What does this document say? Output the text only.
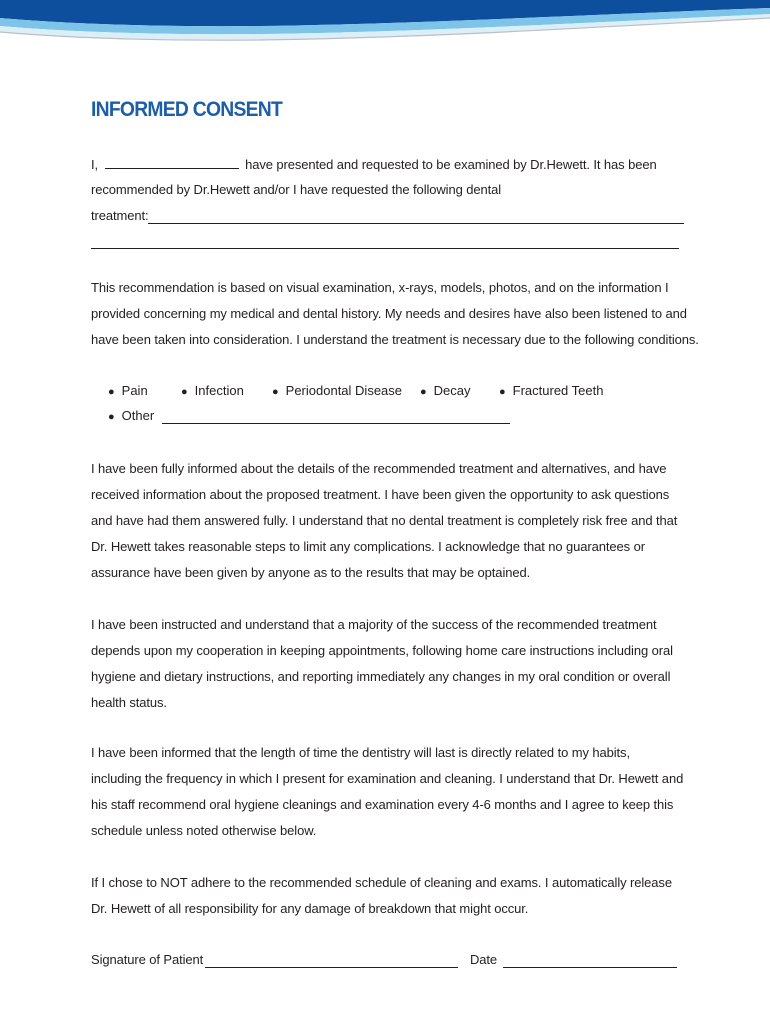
INFORMED CONSENT
I,	have presented and requested to be examined by Dr.Hewett. It has been
recommended by Dr.Hewett and/or I have requested the following dental
treatment:
This recommendation is based on visual examination, x-rays, models, photos, and on the information I
provided concerning my medical and dental history. My needs and desires have also been listened to and
have been taken into consideration. I understand the treatment is necessary due to the following conditions.
● Pain	● Infection	● Periodontal Disease ● Decay	● Fractured Teeth
● Other
I have been fully informed about the details of the recommended treatment and alternatives, and have
received information about the proposed treatment. I have been given the opportunity to ask questions
and have had them answered fully. I understand that no dental treatment is completely risk free and that
Dr. Hewett takes reasonable steps to limit any complications. I acknowledge that no guarantees or
assurance have been given by anyone as to the results that may be optained.
I have been instructed and understand that a majority of the success of the recommended treatment
depends upon my cooperation in keeping appointments, following home care instructions including oral
hygiene and dietary instructions, and reporting immediately any changes in my oral condition or overall
health status.
I have been informed that the length of time the dentistry will last is directly related to my habits,
including the frequency in which I present for examination and cleaning. I understand that Dr. Hewett and
his staff recommend oral hygiene cleanings and examination every 4-6 months and I agree to keep this
schedule unless noted otherwise below.
If I chose to NOT adhere to the recommended schedule of cleaning and exams. I automatically release
Dr. Hewett of all responsibility for any damage of breakdown that might occur.
Signature of Patient	Date
